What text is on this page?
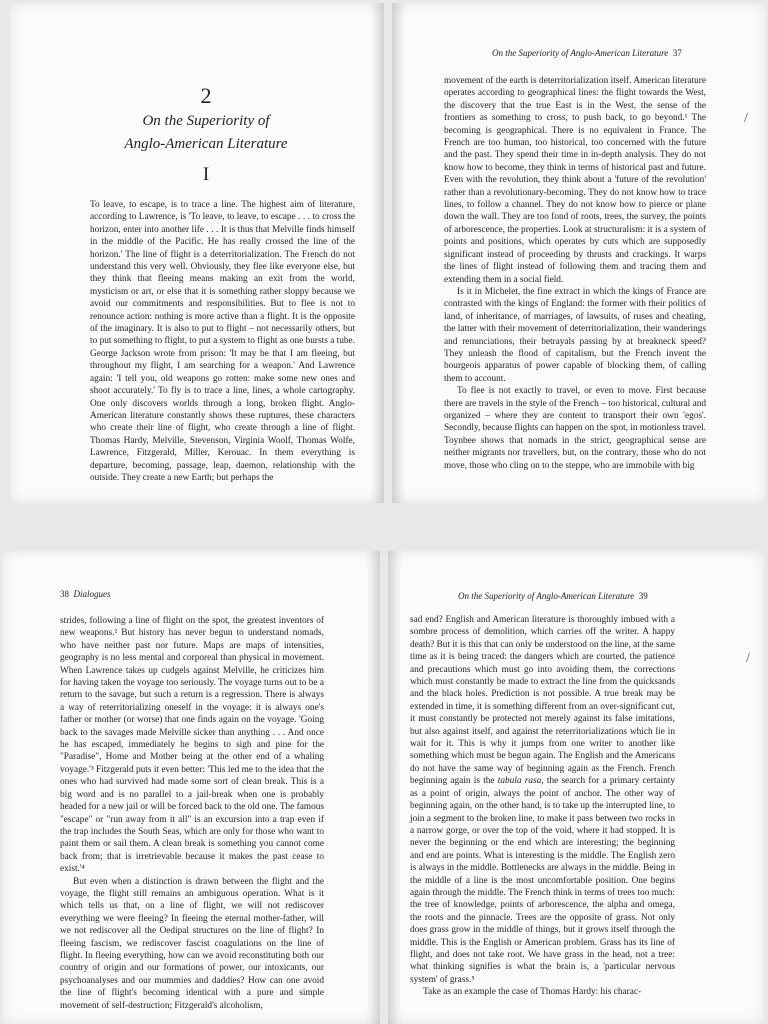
2
On the Superiority of
Anglo-American Literature
I

To leave, to escape, is to trace a line. The highest aim of literature, according to Lawrence, is 'To leave, to leave, to escape . . . to cross the horizon, enter into another life . . . It is thus that Melville finds himself in the middle of the Pacific. He has really crossed the line of the horizon.' The line of flight is a deterritorialization. The French do not understand this very well. Obviously, they flee like everyone else, but they think that fleeing means making an exit from the world, mysticism or art, or else that it is something rather sloppy because we avoid our commitments and responsibilities. But to flee is not to renounce action: nothing is more active than a flight. It is the opposite of the imaginary. It is also to put to flight – not necessarily others, but to put something to flight, to put a system to flight as one bursts a tube. George Jackson wrote from prison: 'It may be that I am fleeing, but throughout my flight, I am searching for a weapon.' And Lawrence again: 'I tell you, old weapons go rotten: make some new ones and shoot accurately.' To fly is to trace a line, lines, a whole cartography. One only discovers worlds through a long, broken flight. Anglo-American literature constantly shows these ruptures, these characters who create their line of flight, who create through a line of flight. Thomas Hardy, Melville, Stevenson, Virginia Woolf, Thomas Wolfe, Lawrence, Fitzgerald, Miller, Kerouac. In them everything is departure, becoming, passage, leap, daemon, relationship with the outside. They create a new Earth; but perhaps the

On the Superiority of Anglo-American Literature 37

movement of the earth is deterritorialization itself. American literature operates according to geographical lines: the flight towards the West, the discovery that the true East is in the West, the sense of the frontiers as something to cross, to push back, to go beyond.¹ The becoming is geographical. There is no equivalent in France. The French are too human, too historical, too concerned with the future and the past. They spend their time in in-depth analysis. They do not know how to become, they think in terms of historical past and future. Even with the revolution, they think about a 'future of the revolution' rather than a revolutionary-becoming. They do not know how to trace lines, to follow a channel. They do not know how to pierce or plane down the wall. They are too fond of roots, trees, the survey, the points of arborescence, the properties. Look at structuralism: it is a system of points and positions, which operates by cuts which are supposedly significant instead of proceeding by thrusts and crackings. It warps the lines of flight instead of following them and tracing them and extending them in a social field.

Is it in Michelet, the fine extract in which the kings of France are contrasted with the kings of England: the former with their politics of land, of inheritance, of marriages, of lawsuits, of ruses and cheating, the latter with their movement of deterritorialization, their wanderings and renunciations, their betrayals passing by at breakneck speed? They unleash the flood of capitalism, but the French invent the bourgeois apparatus of power capable of blocking them, of calling them to account.

To flee is not exactly to travel, or even to move. First because there are travels in the style of the French – too historical, cultural and organized – where they are content to transport their own 'egos'. Secondly, because flights can happen on the spot, in motionless travel. Toynbee shows that nomads in the strict, geographical sense are neither migrants nor travellers, but, on the contrary, those who do not move, those who cling on to the steppe, who are immobile with big

/
38 Dialogues

strides, following a line of flight on the spot, the greatest inventors of new weapons.² But history has never begun to understand nomads, who have neither past nor future. Maps are maps of intensities, geography is no less mental and corporeal than physical in movement. When Lawrence takes up cudgels against Melville, he criticizes him for having taken the voyage too seriously. The voyage turns out to be a return to the savage, but such a return is a regression. There is always a way of reterritorializing oneself in the voyage: it is always one's father or mother (or worse) that one finds again on the voyage. 'Going back to the savages made Melville sicker than anything . . . And once he has escaped, immediately he begins to sigh and pine for the "Paradise", Home and Mother being at the other end of a whaling voyage.'³ Fitzgerald puts it even better: 'This led me to the idea that the ones who had survived had made some sort of clean break. This is a big word and is no parallel to a jail-break when one is probably headed for a new jail or will be forced back to the old one. The famous "escape" or "run away from it all" is an excursion into a trap even if the trap includes the South Seas, which are only for those who want to paint them or sail them. A clean break is something you cannot come back from; that is irretrievable because it makes the past cease to exist.'⁴

But even when a distinction is drawn between the flight and the voyage, the flight still remains an ambiguous operation. What is it which tells us that, on a line of flight, we will not rediscover everything we were fleeing? In fleeing the eternal mother-father, will we not rediscover all the Oedipal structures on the line of flight? In fleeing fascism, we rediscover fascist coagulations on the line of flight. In fleeing everything, how can we avoid reconstituting both our country of origin and our formations of power, our intoxicants, our psychoanalyses and our mummies and daddies? How can one avoid the line of flight's becoming identical with a pure and simple movement of self-destruction; Fitzgerald's alcoholism,

On the Superiority of Anglo-American Literature 39

sad end? English and American literature is thoroughly imbued with a sombre process of demolition, which carries off the writer. A happy death? But it is this that can only be understood on the line, at the same time as it is being traced: the dangers which are courted, the patience and precautions which must go into avoiding them, the corrections which must constantly be made to extract the line from the quicksands and the black holes. Prediction is not possible. A true break may be extended in time, it is something different from an over-significant cut, it must constantly be protected not merely against its false imitations, but also against itself, and against the reterritorializations which lie in wait for it. This is why it jumps from one writer to another like something which must be begun again. The English and the Americans do not have the same way of beginning again as the French. French beginning again is the tabula rasa, the search for a primary certainty as a point of origin, always the point of anchor. The other way of beginning again, on the other hand, is to take up the interrupted line, to join a segment to the broken line, to make it pass between two rocks in a narrow gorge, or over the top of the void, where it had stopped. It is never the beginning or the end which are interesting; the beginning and end are points. What is interesting is the middle. The English zero is always in the middle. Bottlenecks are always in the middle. Being in the middle of a line is the most uncomfortable position. One begins again through the middle. The French think in terms of trees too much: the tree of knowledge, points of arborescence, the alpha and omega, the roots and the pinnacle. Trees are the opposite of grass. Not only does grass grow in the middle of things, but it grows itself through the middle. This is the English or American problem. Grass has its line of flight, and does not take root. We have grass in the head, not a tree: what thinking signifies is what the brain is, a 'particular nervous system' of grass.⁵

Take as an example the case of Thomas Hardy: his charac-

/
